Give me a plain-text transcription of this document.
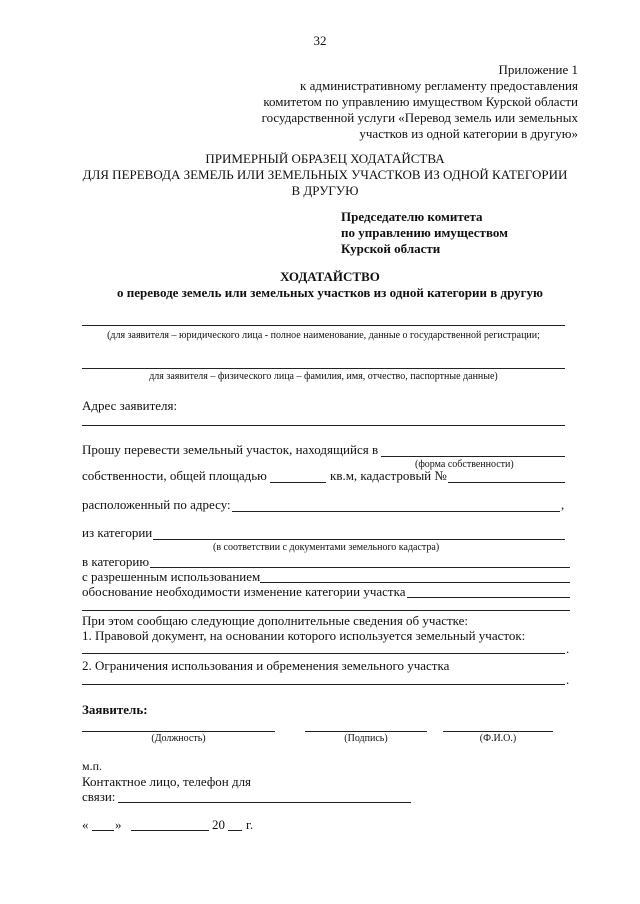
32
Приложение 1
к административному регламенту предоставления
комитетом по управлению имуществом Курской области
государственной услуги «Перевод земель или земельных
участков из одной категории в другую»
ПРИМЕРНЫЙ ОБРАЗЕЦ ХОДАТАЙСТВА
ДЛЯ ПЕРЕВОДА ЗЕМЕЛЬ ИЛИ ЗЕМЕЛЬНЫХ УЧАСТКОВ ИЗ ОДНОЙ КАТЕГОРИИ
В ДРУГУЮ
Председателю комитета
по управлению имуществом
Курской области
ХОДАТАЙСТВО
о переводе земель или земельных участков из одной категории в другую
(для заявителя – юридического лица - полное наименование, данные о государственной регистрации;
для заявителя – физического лица – фамилия, имя, отчество, паспортные данные)
Адрес заявителя:
Прошу перевести земельный участок, находящийся в
(форма собственности)
собственности, общей площадью	кв.м, кадастровый №
расположенный по адресу:	,
из категории
(в соответствии с документами земельного кадастра)
в категорию
с разрешенным использованием
обоснование необходимости изменение категории участка
При этом сообщаю следующие дополнительные сведения об участке:
1. Правовой документ, на основании которого используется земельный участок:
.
2. Ограничения использования и обременения земельного участка
.
Заявитель:
(Должность)	(Подпись)	(Ф.И.О.)
м.п.
Контактное лицо, телефон для
связи:
« »	20 г.
